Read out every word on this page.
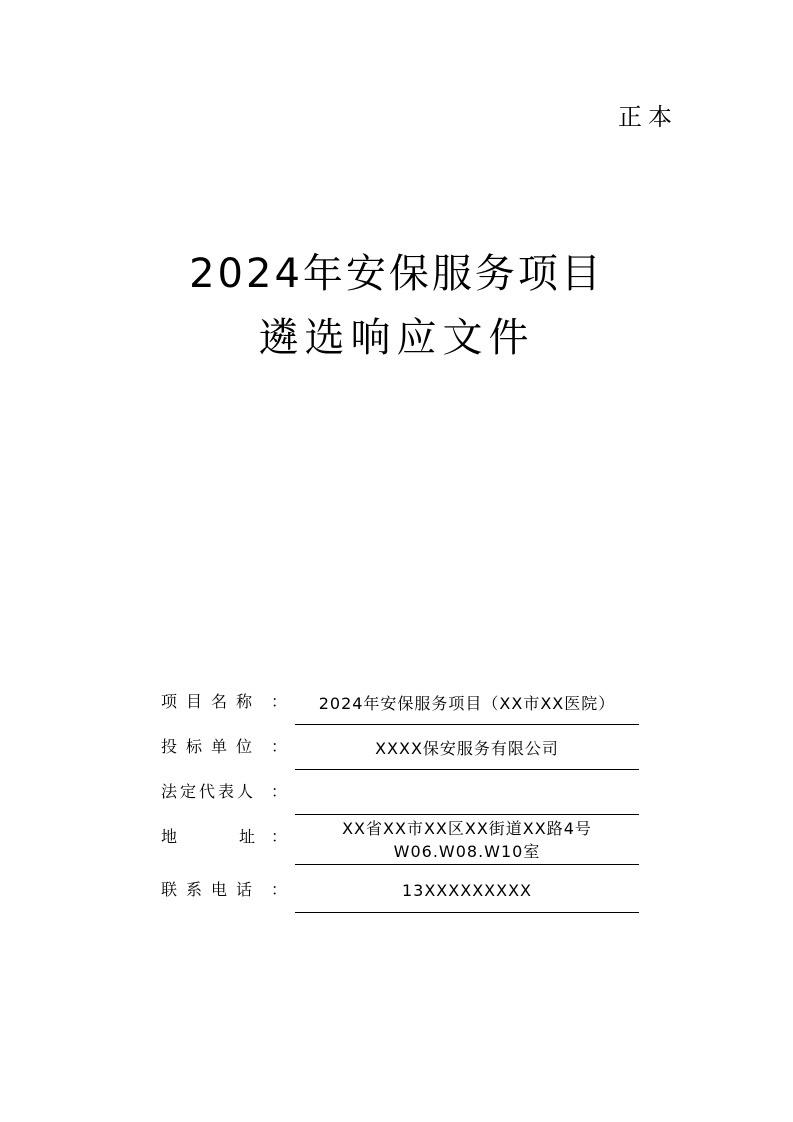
正本
2024年安保服务项目
遴选响应文件
项目名称 ：	2024年安保服务项目（XX市XX医院）
投标单位 ：	XXXX保安服务有限公司
法定代表人 ：
地	址 ：	XX省XX市XX区XX街道XX路4号
W06.W08.W10室
联系电话 ：	13XXXXXXXXX
